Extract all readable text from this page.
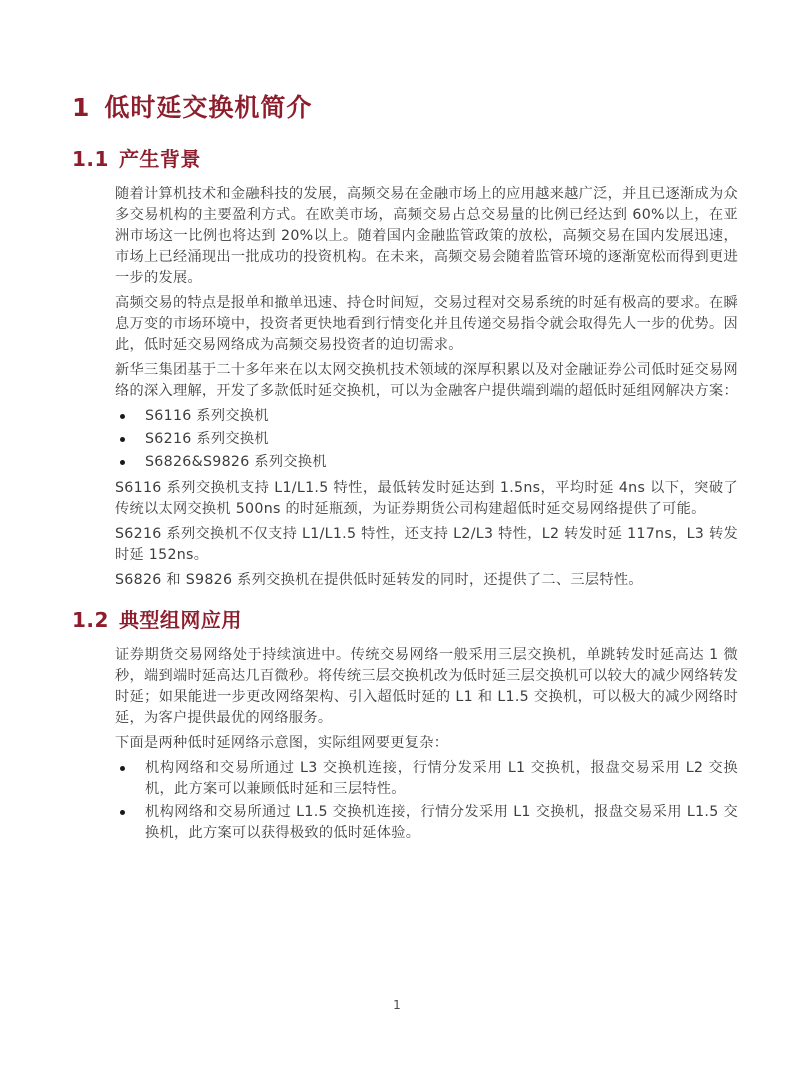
1 低时延交换机简介
1.1 产生背景

随着计算机技术和金融科技的发展，高频交易在金融市场上的应用越来越广泛，并且已逐渐成为众多交易机构的主要盈利方式。在欧美市场，高频交易占总交易量的比例已经达到 60%以上，在亚洲市场这一比例也将达到 20%以上。随着国内金融监管政策的放松，高频交易在国内发展迅速，市场上已经涌现出一批成功的投资机构。在未来，高频交易会随着监管环境的逐渐宽松而得到更进一步的发展。

高频交易的特点是报单和撤单迅速、持仓时间短，交易过程对交易系统的时延有极高的要求。在瞬息万变的市场环境中，投资者更快地看到行情变化并且传递交易指令就会取得先人一步的优势。因此，低时延交易网络成为高频交易投资者的迫切需求。

新华三集团基于二十多年来在以太网交换机技术领域的深厚积累以及对金融证券公司低时延交易网络的深入理解，开发了多款低时延交换机，可以为金融客户提供端到端的超低时延组网解决方案：

S6116 系列交换机
S6216 系列交换机
S6826&S9826 系列交换机

S6116 系列交换机支持 L1/L1.5 特性，最低转发时延达到 1.5ns，平均时延 4ns 以下，突破了传统以太网交换机 500ns 的时延瓶颈，为证券期货公司构建超低时延交易网络提供了可能。

S6216 系列交换机不仅支持 L1/L1.5 特性，还支持 L2/L3 特性，L2 转发时延 117ns，L3 转发时延 152ns。

S6826 和 S9826 系列交换机在提供低时延转发的同时，还提供了二、三层特性。

1.2 典型组网应用

证券期货交易网络处于持续演进中。传统交易网络一般采用三层交换机，单跳转发时延高达 1 微秒，端到端时延高达几百微秒。将传统三层交换机改为低时延三层交换机可以较大的减少网络转发时延；如果能进一步更改网络架构、引入超低时延的 L1 和 L1.5 交换机，可以极大的减少网络时延，为客户提供最优的网络服务。

下面是两种低时延网络示意图，实际组网要更复杂：

机构网络和交易所通过 L3 交换机连接，行情分发采用 L1 交换机，报盘交易采用 L2 交换机，此方案可以兼顾低时延和三层特性。
机构网络和交易所通过 L1.5 交换机连接，行情分发采用 L1 交换机，报盘交易采用 L1.5 交换机，此方案可以获得极致的低时延体验。
1
